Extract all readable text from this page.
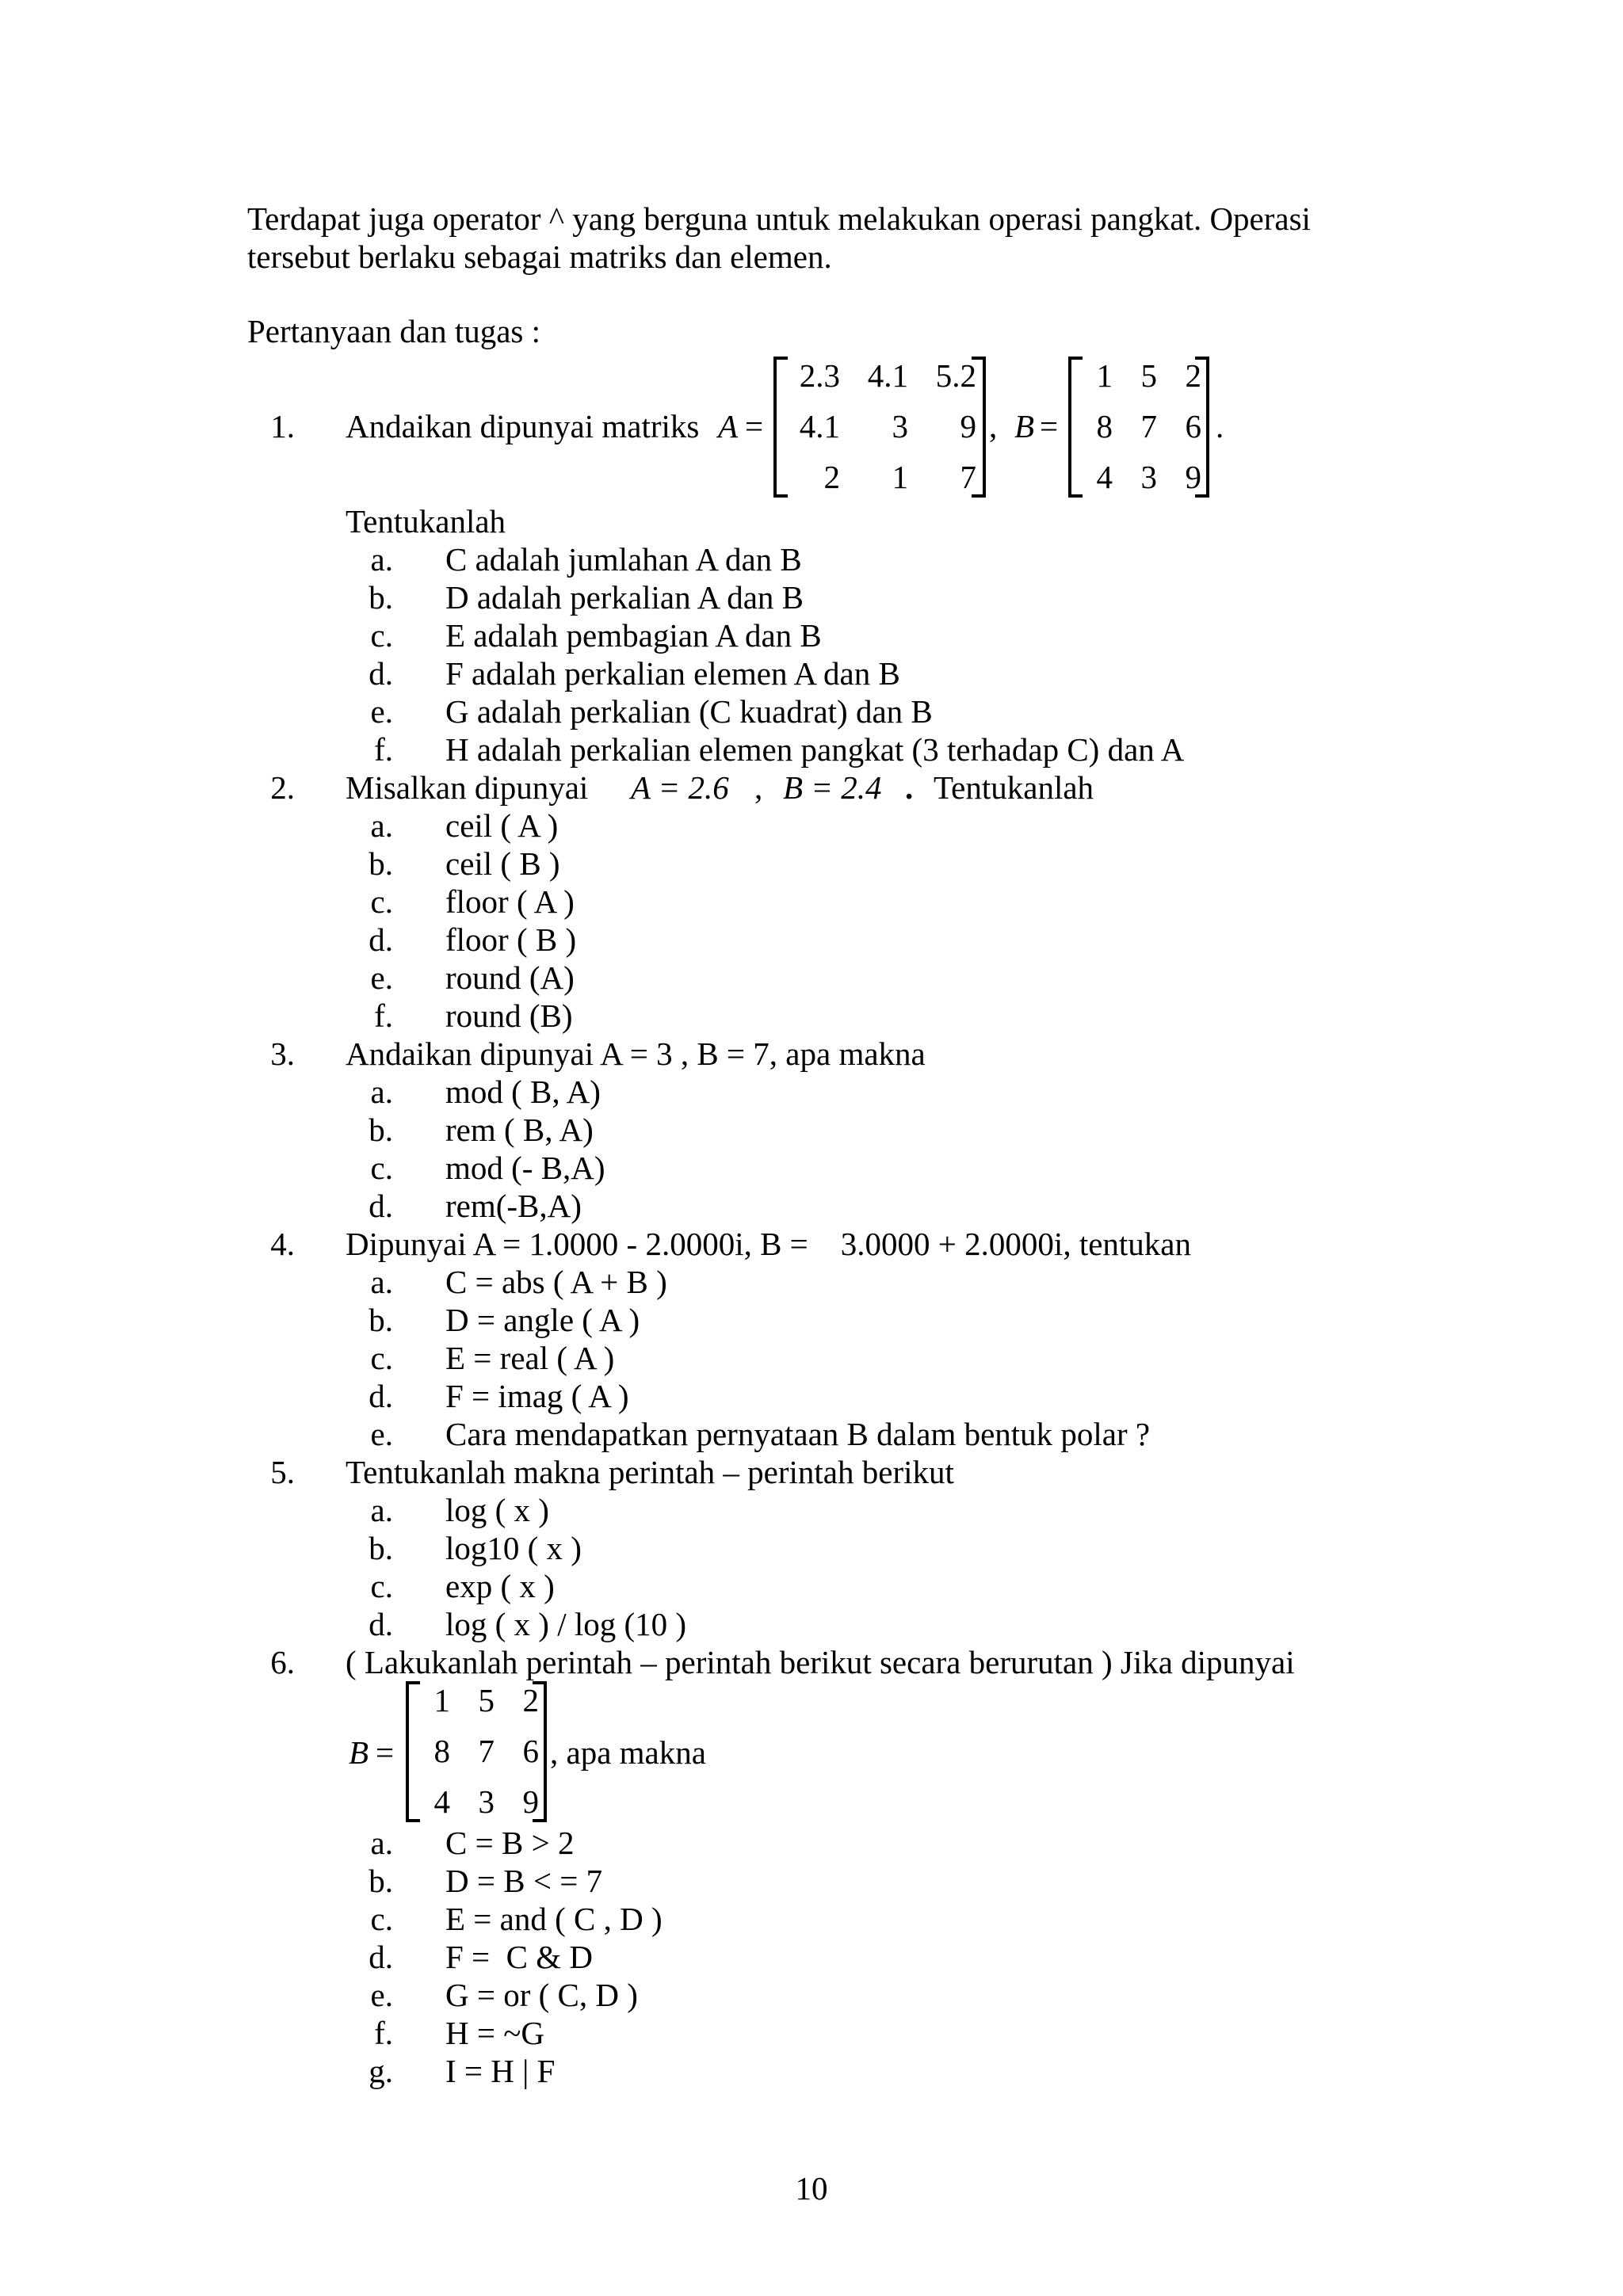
Terdapat juga operator ^ yang berguna untuk melakukan operasi pangkat. Operasi
tersebut berlaku sebagai matriks dan elemen.
Pertanyaan dan tugas :
1. Andaikan dipunyai matriks A =
2.3 4.1 5.2
4.1	3	9
2	1	7
, B =
1 5 2
8 7 6
4 3 9
.
Tentukanlah
a. C adalah jumlahan A dan B
b. D adalah perkalian A dan B
c. E adalah pembagian A dan B
d. F adalah perkalian elemen A dan B
e. G adalah perkalian (C kuadrat) dan B
f. H adalah perkalian elemen pangkat (3 terhadap C) dan A
2. Misalkan dipunyai A = 2.6 , B = 2.4 . Tentukanlah
a. ceil ( A )
b. ceil ( B )
c. floor ( A )
d. floor ( B )
e. round (A)
f. round (B)
3. Andaikan dipunyai A = 3 , B = 7, apa makna
a. mod ( B, A)
b. rem ( B, A)
c. mod (- B,A)
d. rem(-B,A)
4. Dipunyai A = 1.0000 - 2.0000i, B =    3.0000 + 2.0000i, tentukan
a. C = abs ( A + B )
b. D = angle ( A )
c. E = real ( A )
d. F = imag ( A )
e. Cara mendapatkan pernyataan B dalam bentuk polar ?
5. Tentukanlah makna perintah – perintah berikut
a. log ( x )
b. log10 ( x )
c. exp ( x )
d. log ( x ) / log (10 )
6. ( Lakukanlah perintah – perintah berikut secara berurutan ) Jika dipunyai
B =
1 5 2
8 7 6
4 3 9
, apa makna
a. C = B > 2
b. D = B < = 7
c. E = and ( C , D )
d. F =  C & D
e. G = or ( C, D )
f. H = ~G
g. I = H | F
10
